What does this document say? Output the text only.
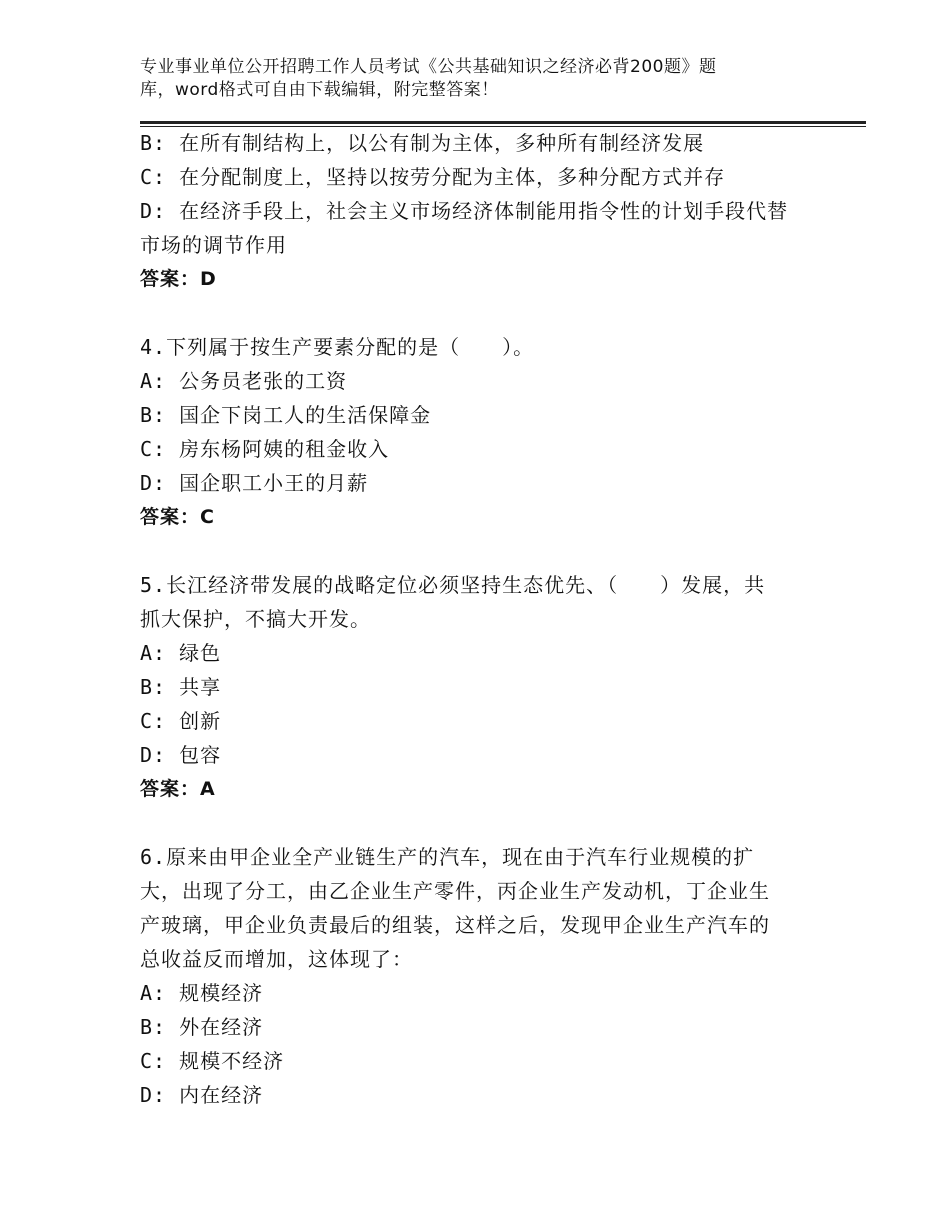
专业事业单位公开招聘工作人员考试《公共基础知识之经济必背200题》题
库，word格式可自由下载编辑，附完整答案！
B: 在所有制结构上，以公有制为主体，多种所有制经济发展
C: 在分配制度上，坚持以按劳分配为主体，多种分配方式并存
D: 在经济手段上，社会主义市场经济体制能用指令性的计划手段代替
市场的调节作用
答案：D
4.下列属于按生产要素分配的是（　　）。
A: 公务员老张的工资
B: 国企下岗工人的生活保障金
C: 房东杨阿姨的租金收入
D: 国企职工小王的月薪
答案：C
5.长江经济带发展的战略定位必须坚持生态优先、（　　）发展，共
抓大保护，不搞大开发。
A: 绿色
B: 共享
C: 创新
D: 包容
答案：A
6.原来由甲企业全产业链生产的汽车，现在由于汽车行业规模的扩
大，出现了分工，由乙企业生产零件，丙企业生产发动机，丁企业生
产玻璃，甲企业负责最后的组装，这样之后，发现甲企业生产汽车的
总收益反而增加，这体现了：
A: 规模经济
B: 外在经济
C: 规模不经济
D: 内在经济
